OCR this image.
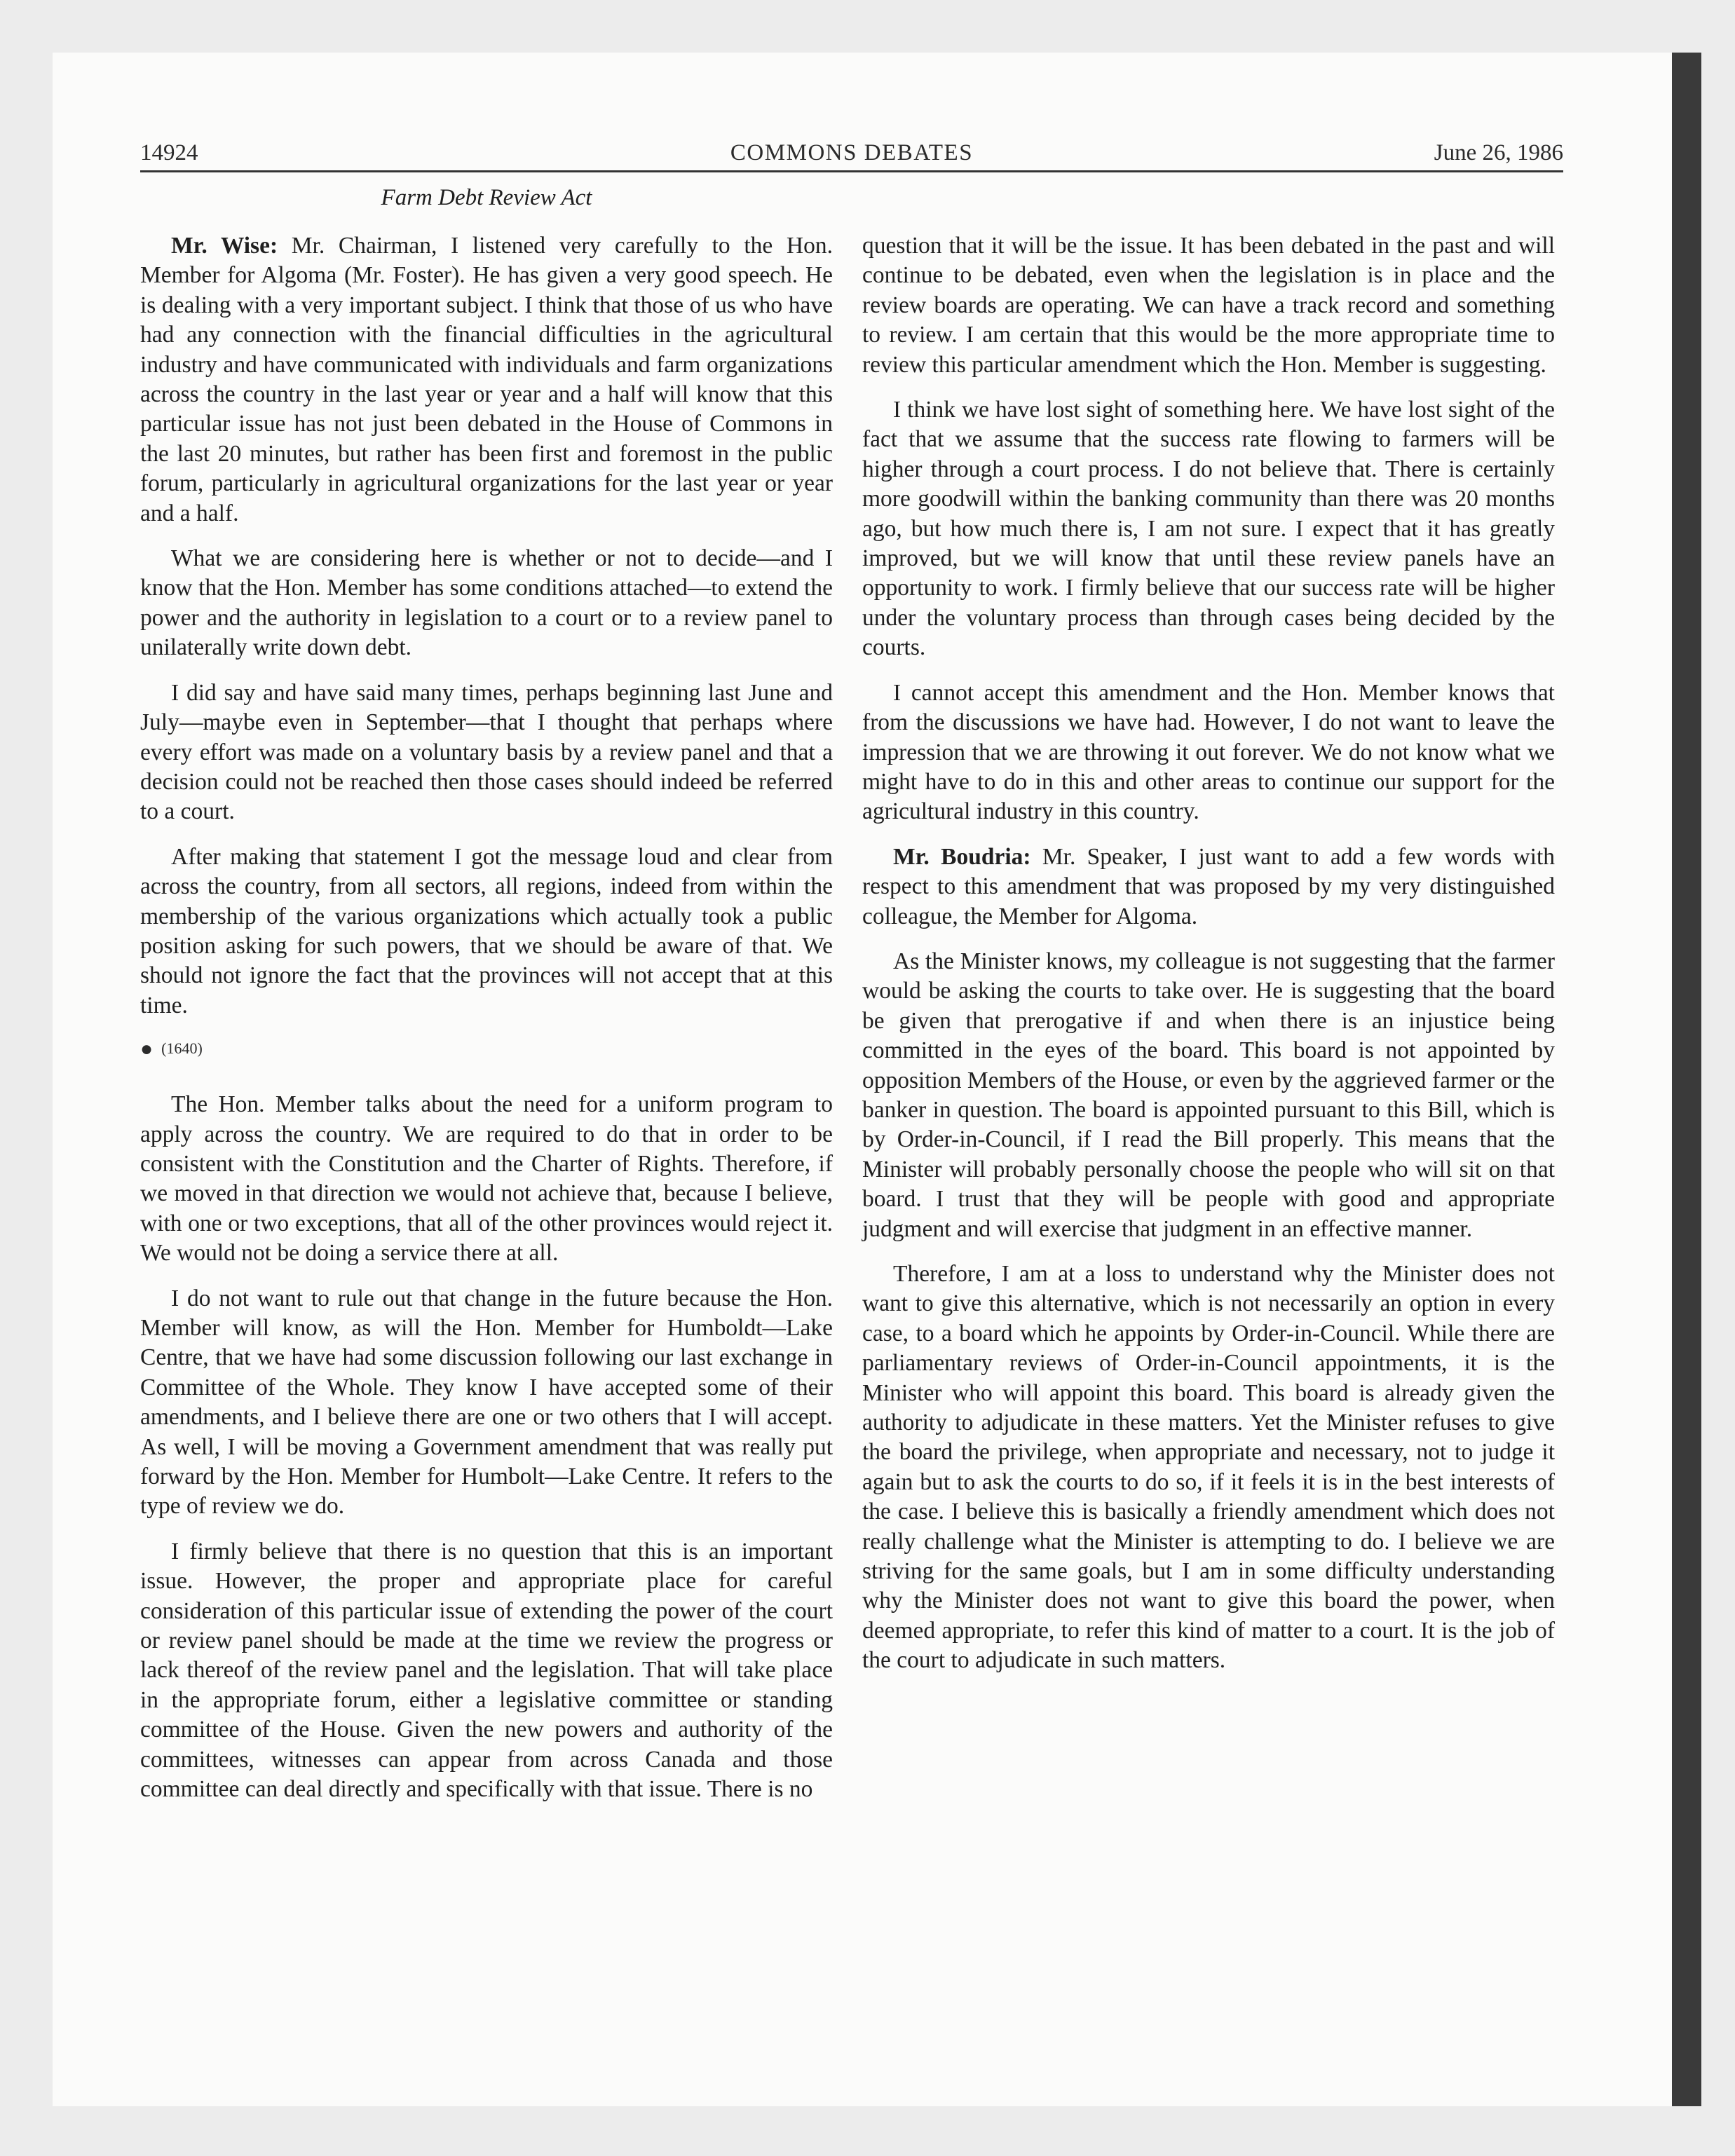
14924	COMMONS DEBATES	June 26, 1986
Farm Debt Review Act

Mr. Wise: Mr. Chairman, I listened very carefully to the Hon. Member for Algoma (Mr. Foster). He has given a very good speech. He is dealing with a very important subject. I think that those of us who have had any connection with the financial difficulties in the agricultural industry and have communicated with individuals and farm organizations across the country in the last year or year and a half will know that this particular issue has not just been debated in the House of Commons in the last 20 minutes, but rather has been first and foremost in the public forum, particularly in agricultural organizations for the last year or year and a half.

What we are considering here is whether or not to decide—and I know that the Hon. Member has some conditions attached—to extend the power and the authority in legislation to a court or to a review panel to unilaterally write down debt.

I did say and have said many times, perhaps beginning last June and July—maybe even in September—that I thought that perhaps where every effort was made on a voluntary basis by a review panel and that a decision could not be reached then those cases should indeed be referred to a court.

After making that statement I got the message loud and clear from across the country, from all sectors, all regions, indeed from within the membership of the various organizations which actually took a public position asking for such powers, that we should be aware of that. We should not ignore the fact that the provinces will not accept that at this time.

● (1640)

The Hon. Member talks about the need for a uniform program to apply across the country. We are required to do that in order to be consistent with the Constitution and the Charter of Rights. Therefore, if we moved in that direction we would not achieve that, because I believe, with one or two exceptions, that all of the other provinces would reject it. We would not be doing a service there at all.

I do not want to rule out that change in the future because the Hon. Member will know, as will the Hon. Member for Humboldt—Lake Centre, that we have had some discussion following our last exchange in Committee of the Whole. They know I have accepted some of their amendments, and I believe there are one or two others that I will accept. As well, I will be moving a Government amendment that was really put forward by the Hon. Member for Humbolt—Lake Centre. It refers to the type of review we do.

I firmly believe that there is no question that this is an important issue. However, the proper and appropriate place for careful consideration of this particular issue of extending the power of the court or review panel should be made at the time we review the progress or lack thereof of the review panel and the legislation. That will take place in the appropriate forum, either a legislative committee or standing committee of the House. Given the new powers and authority of the committees, witnesses can appear from across Canada and those committee can deal directly and specifically with that issue. There is no

question that it will be the issue. It has been debated in the past and will continue to be debated, even when the legislation is in place and the review boards are operating. We can have a track record and something to review. I am certain that this would be the more appropriate time to review this particular amendment which the Hon. Member is suggesting.

I think we have lost sight of something here. We have lost sight of the fact that we assume that the success rate flowing to farmers will be higher through a court process. I do not believe that. There is certainly more goodwill within the banking community than there was 20 months ago, but how much there is, I am not sure. I expect that it has greatly improved, but we will know that until these review panels have an opportunity to work. I firmly believe that our success rate will be higher under the voluntary process than through cases being decided by the courts.

I cannot accept this amendment and the Hon. Member knows that from the discussions we have had. However, I do not want to leave the impression that we are throwing it out forever. We do not know what we might have to do in this and other areas to continue our support for the agricultural industry in this country.

Mr. Boudria: Mr. Speaker, I just want to add a few words with respect to this amendment that was proposed by my very distinguished colleague, the Member for Algoma.

As the Minister knows, my colleague is not suggesting that the farmer would be asking the courts to take over. He is suggesting that the board be given that prerogative if and when there is an injustice being committed in the eyes of the board. This board is not appointed by opposition Members of the House, or even by the aggrieved farmer or the banker in question. The board is appointed pursuant to this Bill, which is by Order-in-Council, if I read the Bill properly. This means that the Minister will probably personally choose the people who will sit on that board. I trust that they will be people with good and appropriate judgment and will exercise that judgment in an effective manner.

Therefore, I am at a loss to understand why the Minister does not want to give this alternative, which is not necessarily an option in every case, to a board which he appoints by Order-in-Council. While there are parliamentary reviews of Order-in-Council appointments, it is the Minister who will appoint this board. This board is already given the authority to adjudicate in these matters. Yet the Minister refuses to give the board the privilege, when appropriate and necessary, not to judge it again but to ask the courts to do so, if it feels it is in the best interests of the case. I believe this is basically a friendly amendment which does not really challenge what the Minister is attempting to do. I believe we are striving for the same goals, but I am in some difficulty understanding why the Minister does not want to give this board the power, when deemed appropriate, to refer this kind of matter to a court. It is the job of the court to adjudicate in such matters.
